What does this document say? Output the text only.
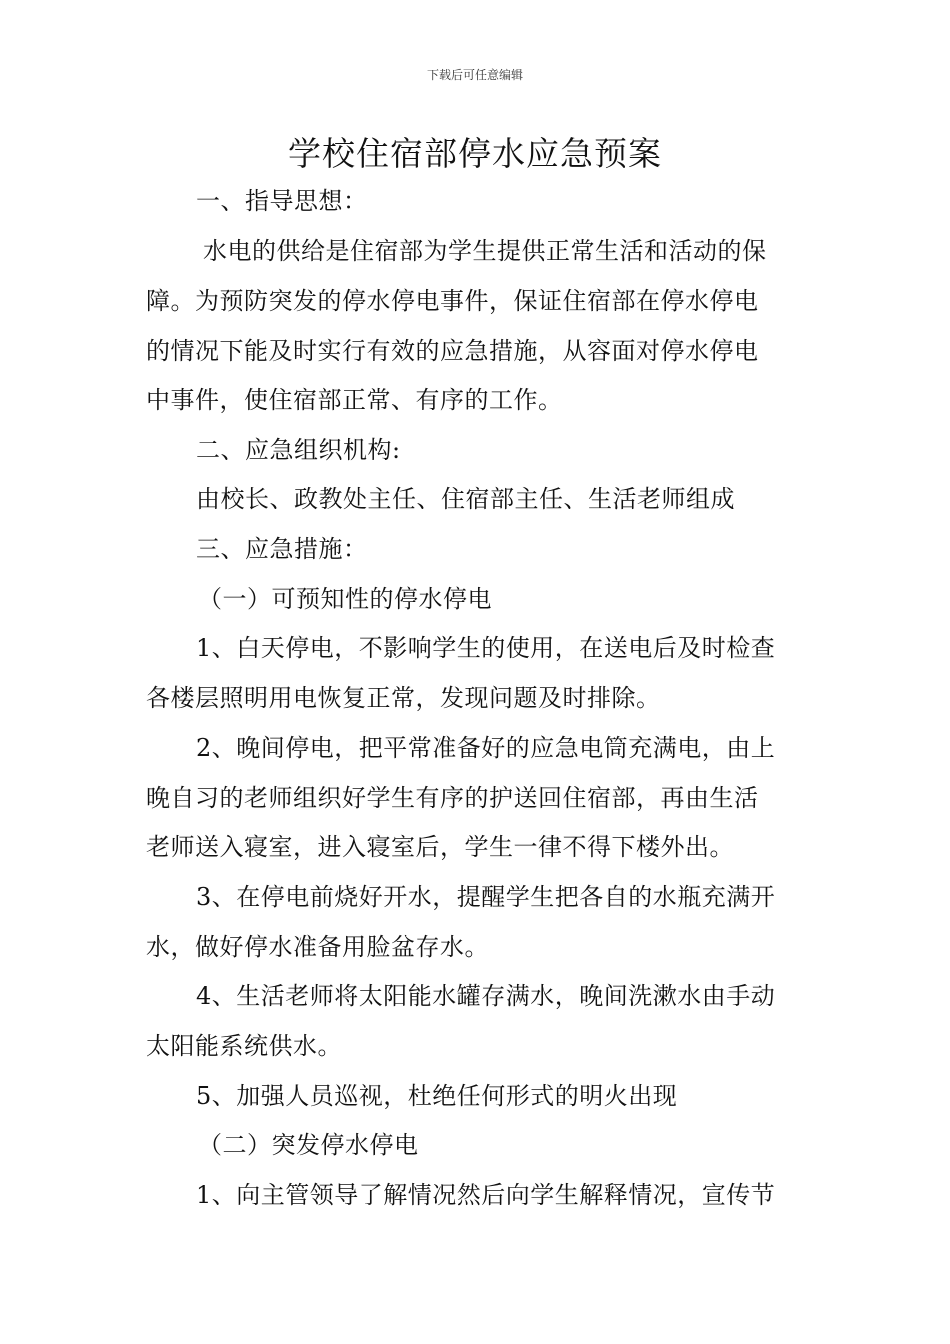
下载后可任意编辑
学校住宿部停水应急预案
一、指导思想：
水电的供给是住宿部为学生提供正常生活和活动的保
障。为预防突发的停水停电事件，保证住宿部在停水停电
的情况下能及时实行有效的应急措施，从容面对停水停电
中事件，使住宿部正常、有序的工作。
二、应急组织机构:
由校长、政教处主任、住宿部主任、生活老师组成
三、应急措施：
（一）可预知性的停水停电
1、白天停电，不影响学生的使用，在送电后及时检查
各楼层照明用电恢复正常，发现问题及时排除。
2、晚间停电，把平常准备好的应急电筒充满电，由上
晚自习的老师组织好学生有序的护送回住宿部，再由生活
老师送入寝室，进入寝室后，学生一律不得下楼外出。
3、在停电前烧好开水，提醒学生把各自的水瓶充满开
水，做好停水准备用脸盆存水。
4、生活老师将太阳能水罐存满水，晚间洗漱水由手动
太阳能系统供水。
5、加强人员巡视，杜绝任何形式的明火出现
（二）突发停水停电
1、向主管领导了解情况然后向学生解释情况，宣传节
